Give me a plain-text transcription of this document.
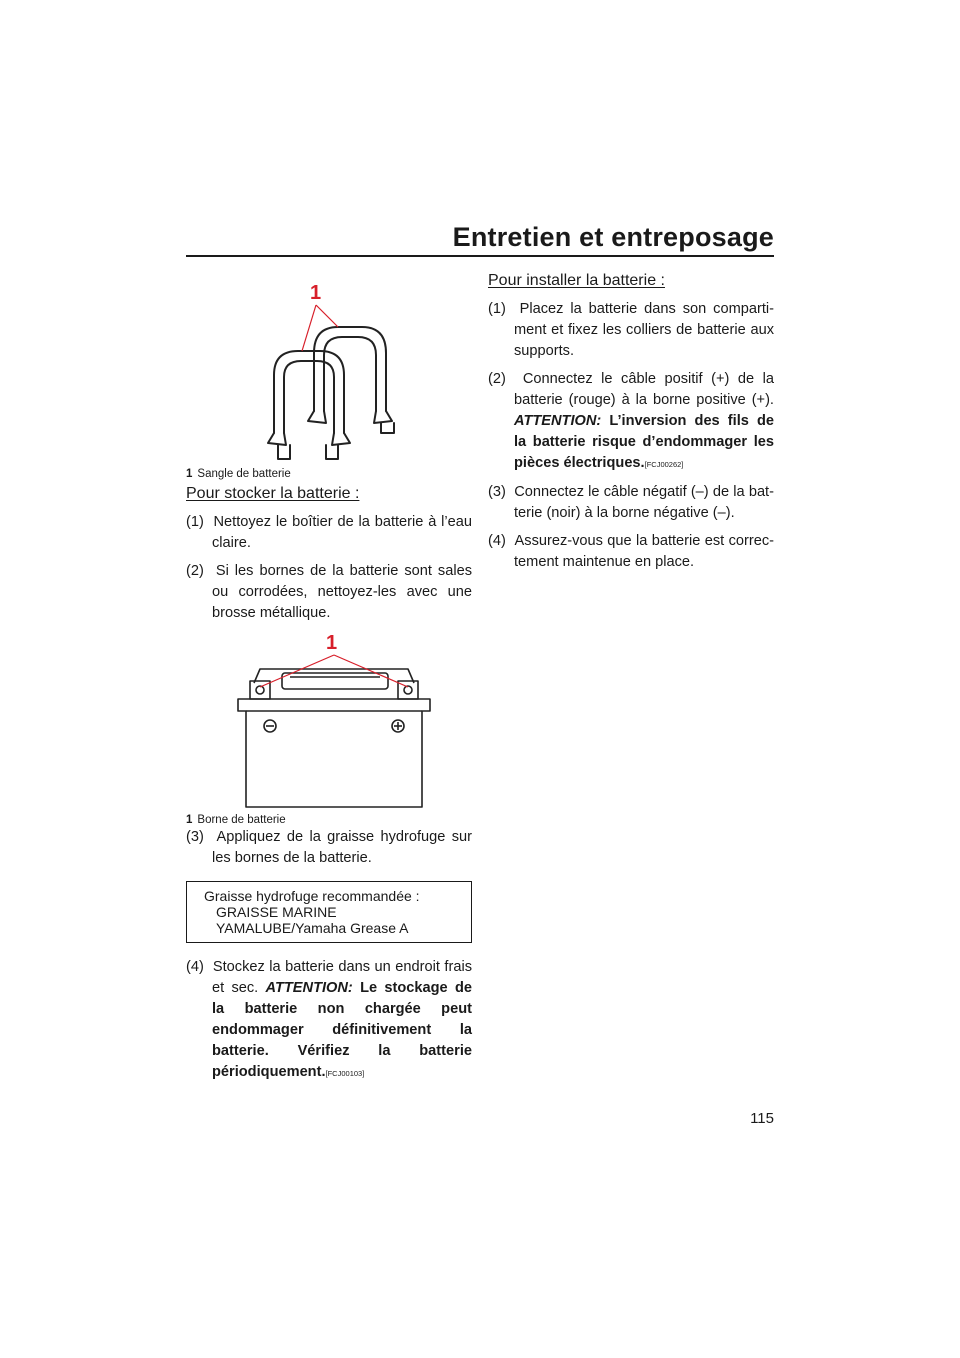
Entretien et entreposage
1
1 Sangle de batterie
Pour stocker la batterie :

(1)  Nettoyez le boîtier de la batterie à l’eau claire.

(2)  Si les bornes de la batterie sont sales ou corrodées, nettoyez-les avec une brosse métallique.

1
1 Borne de batterie

(3)  Appliquez de la graisse hydrofuge sur les bornes de la batterie.

Graisse hydrofuge recommandée :
GRAISSE MARINE
YAMALUBE/Yamaha Grease A

(4)  Stockez la batterie dans un endroit frais et sec. ATTENTION: Le stockage de la batterie non chargée peut endommager définitivement la batterie. Vérifiez la batterie périodiquement.[FCJ00103]

Pour installer la batterie :

(1)  Placez la batterie dans son compartiment et fixez les colliers de batterie aux supports.

(2)  Connectez le câble positif (+) de la batterie (rouge) à la borne positive (+). ATTENTION: L’inversion des fils de la batterie risque d’endommager les pièces électriques.[FCJ00262]

(3)  Connectez le câble négatif (–) de la batterie (noir) à la borne négative (–).

(4)  Assurez-vous que la batterie est correctement maintenue en place.

115
